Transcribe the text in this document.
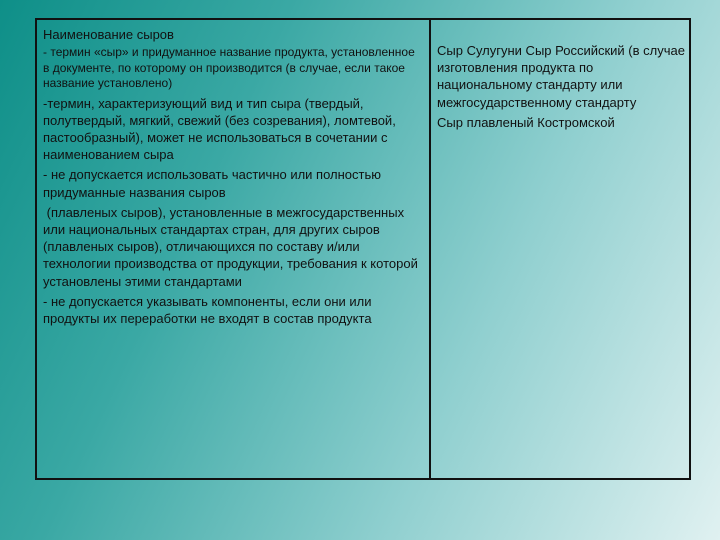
Наименование сыров

- термин «сыр» и придуманное название продукта, установленное в документе, по которому он производится (в случае, если такое название установлено)

-термин, характеризующий вид и тип сыра (твердый, полутвердый, мягкий, свежий (без созревания), ломтевой, пастообразный), может не использоваться в сочетании с наименованием сыра

- не допускается использовать частично или полностью придуманные названия сыров

(плавленых сыров), установленные в межгосударственных или национальных стандартах стран, для других сыров (плавленых сыров), отличающихся по составу и/или технологии производства от продукции, требования к которой установлены этими стандартами

- не допускается указывать компоненты, если они или продукты их переработки не входят в состав продукта

Сыр Сулугуни Сыр Российский (в случае изготовления продукта по национальному стандарту или межгосударственному стандарту

Сыр плавленый Костромской
